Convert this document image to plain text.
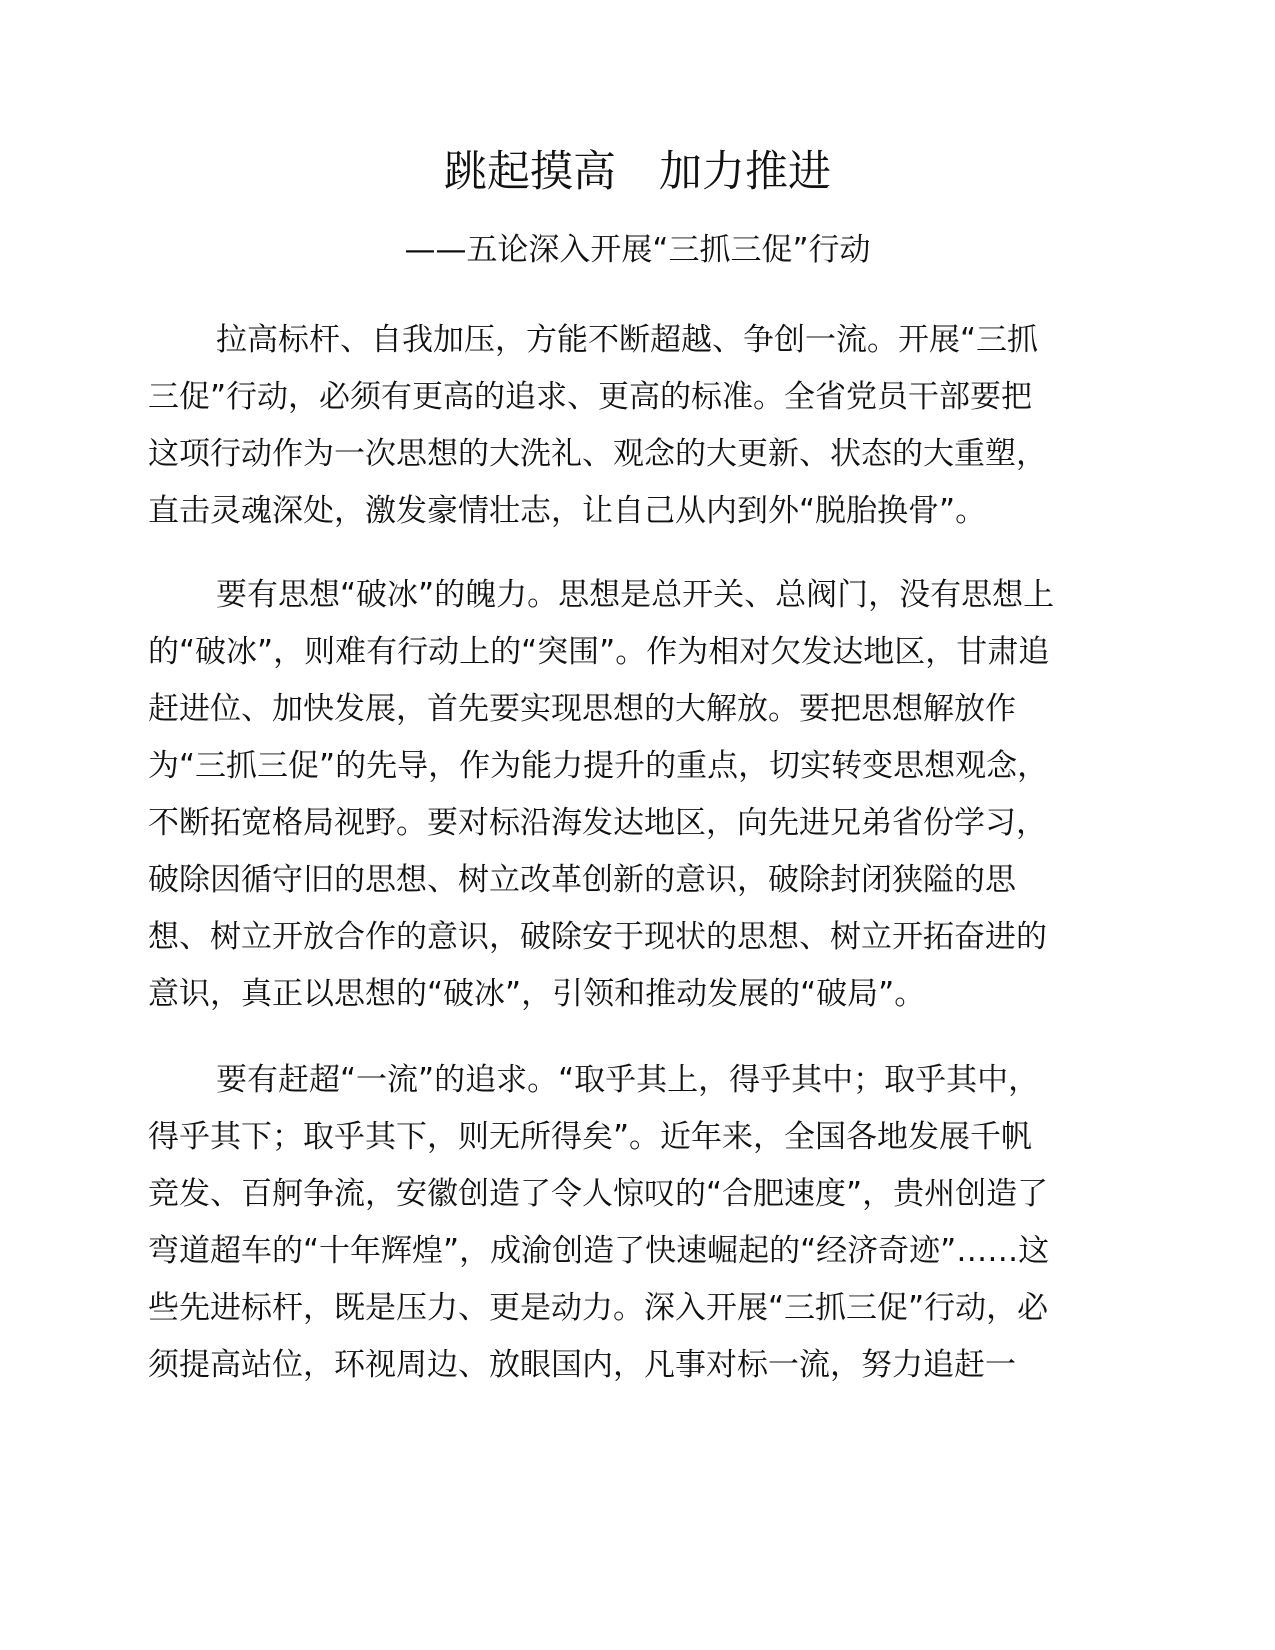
跳起摸高　加力推进
——五论深入开展“三抓三促”行动
拉高标杆、自我加压，方能不断超越、争创一流。开展“三抓
三促”行动，必须有更高的追求、更高的标准。全省党员干部要把
这项行动作为一次思想的大洗礼、观念的大更新、状态的大重塑，
直击灵魂深处，激发豪情壮志，让自己从内到外“脱胎换骨”。
要有思想“破冰”的魄力。思想是总开关、总阀门，没有思想上
的“破冰”，则难有行动上的“突围”。作为相对欠发达地区，甘肃追
赶进位、加快发展，首先要实现思想的大解放。要把思想解放作
为“三抓三促”的先导，作为能力提升的重点，切实转变思想观念，
不断拓宽格局视野。要对标沿海发达地区，向先进兄弟省份学习，
破除因循守旧的思想、树立改革创新的意识，破除封闭狭隘的思
想、树立开放合作的意识，破除安于现状的思想、树立开拓奋进的
意识，真正以思想的“破冰”，引领和推动发展的“破局”。
要有赶超“一流”的追求。“取乎其上，得乎其中；取乎其中，
得乎其下；取乎其下，则无所得矣”。近年来，全国各地发展千帆
竞发、百舸争流，安徽创造了令人惊叹的“合肥速度”，贵州创造了
弯道超车的“十年辉煌”，成渝创造了快速崛起的“经济奇迹”……这
些先进标杆，既是压力、更是动力。深入开展“三抓三促”行动，必
须提高站位，环视周边、放眼国内，凡事对标一流，努力追赶一
